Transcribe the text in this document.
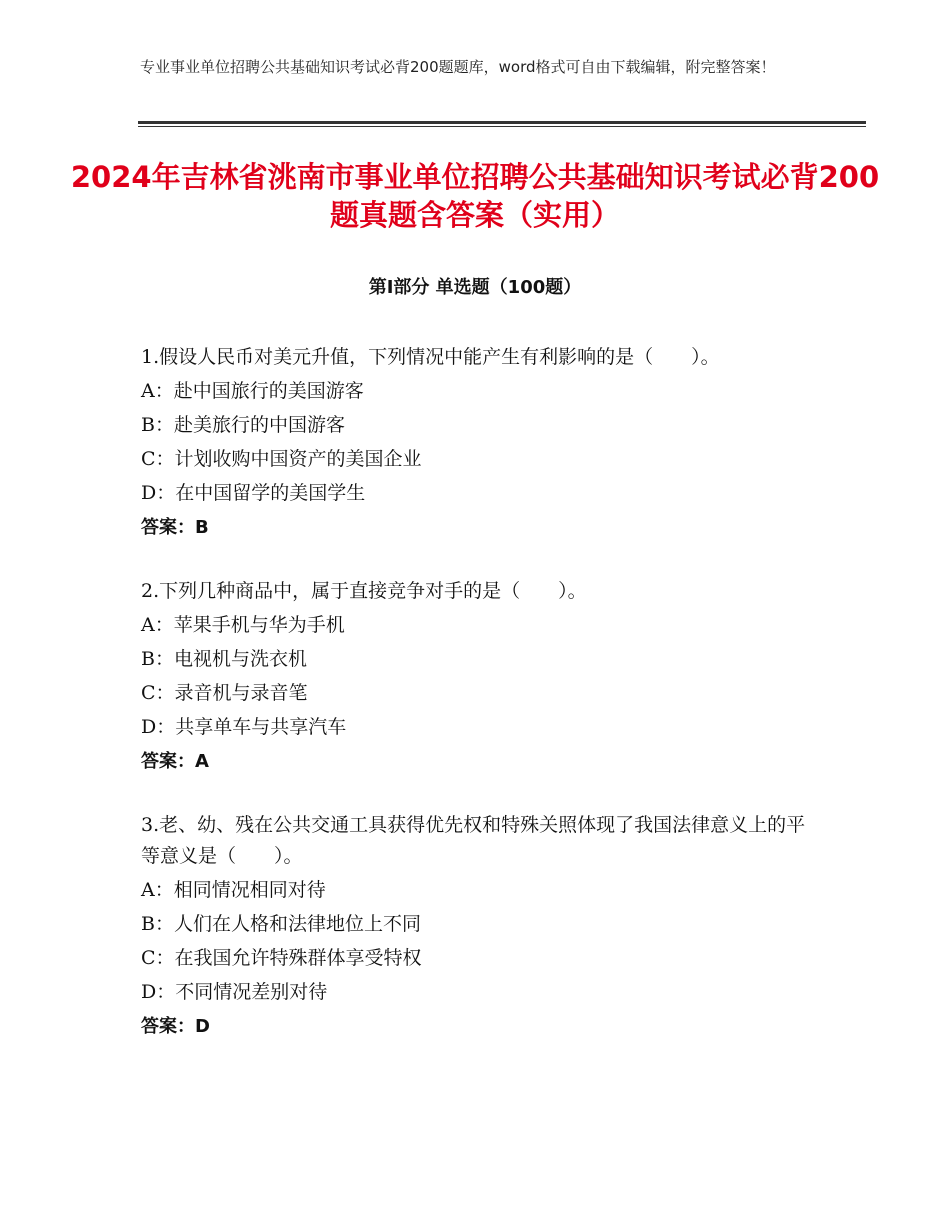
专业事业单位招聘公共基础知识考试必背200题题库，word格式可自由下载编辑，附完整答案！
2024年吉林省洮南市事业单位招聘公共基础知识考试必背200题真题含答案（实用）
第Ⅰ部分 单选题（100题）
1.假设人民币对美元升值，下列情况中能产生有利影响的是（　　）。
A：赴中国旅行的美国游客
B：赴美旅行的中国游客
C：计划收购中国资产的美国企业
D：在中国留学的美国学生
答案：B
2.下列几种商品中，属于直接竞争对手的是（　　）。
A：苹果手机与华为手机
B：电视机与洗衣机
C：录音机与录音笔
D：共享单车与共享汽车
答案：A
3.老、幼、残在公共交通工具获得优先权和特殊关照体现了我国法律意义上的平等意义是（　　）。
A：相同情况相同对待
B：人们在人格和法律地位上不同
C：在我国允许特殊群体享受特权
D：不同情况差别对待
答案：D
